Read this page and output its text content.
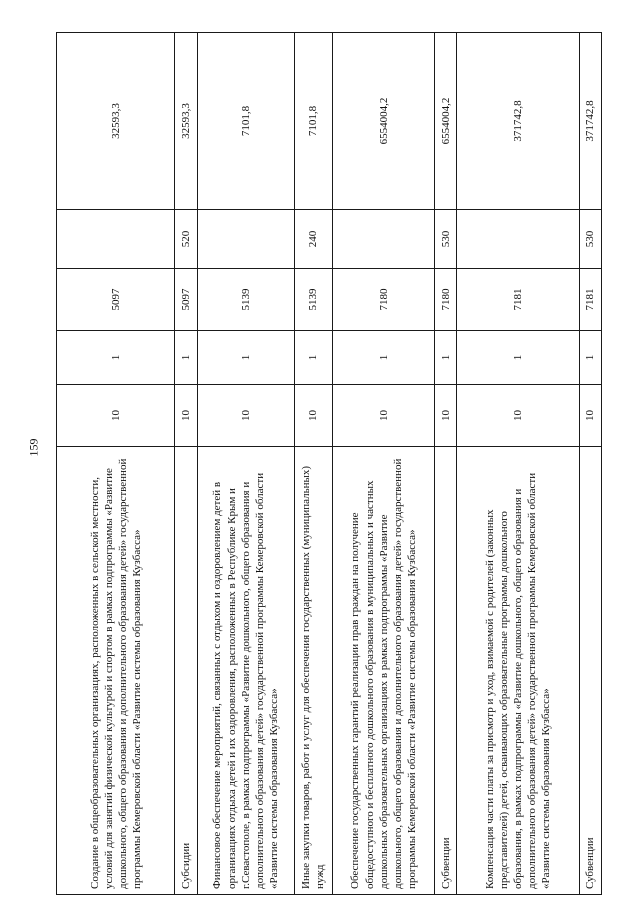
159
Создание в общеобразовательных организациях, расположенных в сельской местности, условий для занятий физической культурой и спортом в рамках подпрограммы «Развитие дошкольного, общего образования и дополнительного образования детей» государственной программы Кемеровской области «Развитие системы образования Кузбасса»	10	1	5097		32593,3
Субсидии	10	1	5097	520	32593,3
Финансовое обеспечение мероприятий, связанных с отдыхом и оздоровлением детей в организациях отдыха детей и их оздоровления, расположенных в Республике Крым и г.Севастополе, в рамках подпрограммы «Развитие дошкольного, общего образования и дополнительного образования детей» государственной программы Кемеровской области «Развитие системы образования Кузбасса»	10	1	5139		7101,8
Иные закупки товаров, работ и услуг для обеспечения государственных (муниципальных) нужд	10	1	5139	240	7101,8
Обеспечение государственных гарантий реализации прав граждан на получение общедоступного и бесплатного дошкольного образования в муниципальных и частных дошкольных образовательных организациях в рамках подпрограммы «Развитие дошкольного, общего образования и дополнительного образования детей» государственной программы Кемеровской области «Развитие системы образования Кузбасса»	10	1	7180		6554004,2
Субвенции	10	1	7180	530	6554004,2
Компенсация части платы за присмотр и уход, взимаемой с родителей (законных представителей) детей, осваивающих образовательные программы дошкольного образования, в рамках подпрограммы «Развитие дошкольного, общего образования и дополнительного образования детей» государственной программы Кемеровской области «Развитие системы образования Кузбасса»	10	1	7181		371742,8
Субвенции	10	1	7181	530	371742,8
